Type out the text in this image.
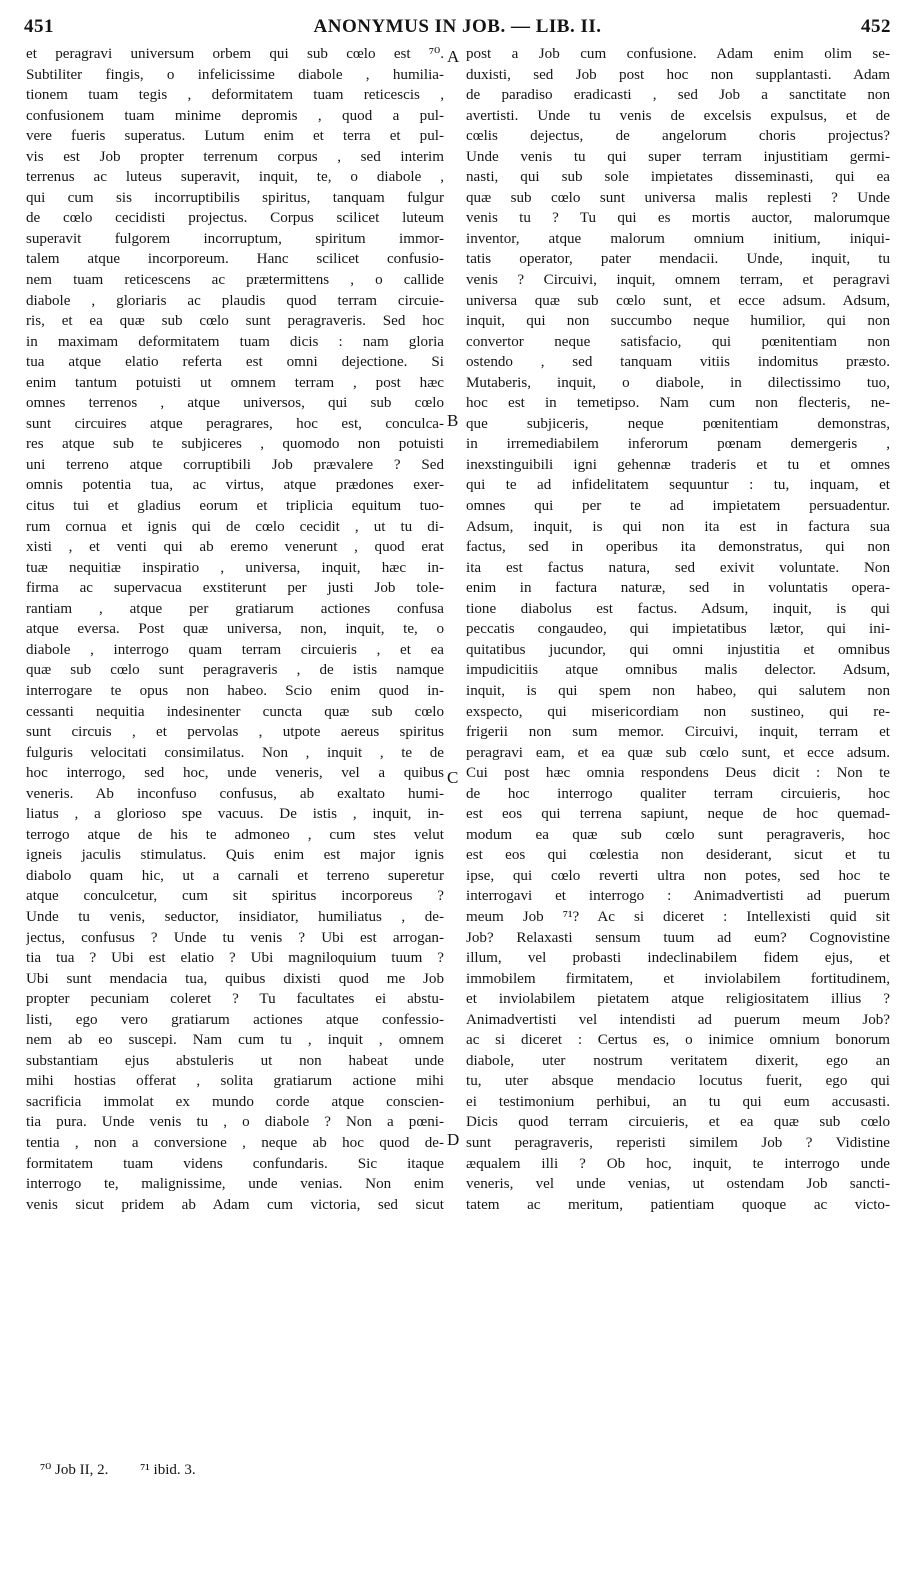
451	ANONYMUS IN JOB. — LIB. II.	452
et peragravi universum orbem qui sub cœlo est ⁷⁰.
Subtiliter fingis, o infelicissime diabole , humilia-
tionem tuam tegis , deformitatem tuam reticescis ,
confusionem tuam minime depromis , quod a pul-
vere fueris superatus. Lutum enim et terra et pul-
vis est Job propter terrenum corpus , sed interim
terrenus ac luteus superavit, inquit, te, o diabole ,
qui cum sis incorruptibilis spiritus, tanquam fulgur
de cœlo cecidisti projectus. Corpus scilicet luteum
superavit fulgorem incorruptum, spiritum immor-
talem atque incorporeum. Hanc scilicet confusio-
nem tuam reticescens ac prætermittens , o callide
diabole , gloriaris ac plaudis quod terram circuie-
ris, et ea quæ sub cœlo sunt peragraveris. Sed hoc
in maximam deformitatem tuam dicis : nam gloria
tua atque elatio referta est omni dejectione. Si
enim tantum potuisti ut omnem terram , post hæc
omnes terrenos , atque universos, qui sub cœlo
sunt circuires atque peragrares, hoc est, conculca-
res atque sub te subjiceres , quomodo non potuisti
uni terreno atque corruptibili Job prævalere ? Sed
omnis potentia tua, ac virtus, atque prædones exer-
citus tui et gladius eorum et triplicia equitum tuo-
rum cornua et ignis qui de cœlo cecidit , ut tu di-
xisti , et venti qui ab eremo venerunt , quod erat
tuæ nequitiæ inspiratio , universa, inquit, hæc in-
firma ac supervacua exstiterunt per justi Job tole-
rantiam , atque per gratiarum actiones confusa
atque eversa. Post quæ universa, non, inquit, te, o
diabole , interrogo quam terram circuieris , et ea
quæ sub cœlo sunt peragraveris , de istis namque
interrogare te opus non habeo. Scio enim quod in-
cessanti nequitia indesinenter cuncta quæ sub cœlo
sunt circuis , et pervolas , utpote aereus spiritus
fulguris velocitati consimilatus. Non , inquit , te de
hoc interrogo, sed hoc, unde veneris, vel a quibus
veneris. Ab inconfuso confusus, ab exaltato humi-
liatus , a glorioso spe vacuus. De istis , inquit, in-
terrogo atque de his te admoneo , cum stes velut
igneis jaculis stimulatus. Quis enim est major ignis
diabolo quam hic, ut a carnali et terreno superetur
atque conculcetur, cum sit spiritus incorporeus ?
Unde tu venis, seductor, insidiator, humiliatus , de-
jectus, confusus ? Unde tu venis ? Ubi est arrogan-
tia tua ? Ubi est elatio ? Ubi magniloquium tuum ?
Ubi sunt mendacia tua, quibus dixisti quod me Job
propter pecuniam coleret ? Tu facultates ei abstu-
listi, ego vero gratiarum actiones atque confessio-
nem ab eo suscepi. Nam cum tu , inquit , omnem
substantiam ejus abstuleris ut non habeat unde
mihi hostias offerat , solita gratiarum actione mihi
sacrificia immolat ex mundo corde atque conscien-
tia pura. Unde venis tu , o diabole ? Non a pœni-
tentia , non a conversione , neque ab hoc quod de-
formitatem tuam videns confundaris. Sic itaque
interrogo te, malignissime, unde venias. Non enim
venis sicut pridem ab Adam cum victoria, sed sicut
post a Job cum confusione. Adam enim olim se-
duxisti, sed Job post hoc non supplantasti. Adam
de paradiso eradicasti , sed Job a sanctitate non
avertisti. Unde tu venis de excelsis expulsus, et de
cœlis dejectus, de angelorum choris projectus?
Unde venis tu qui super terram injustitiam germi-
nasti, qui sub sole impietates disseminasti, qui ea
quæ sub cœlo sunt universa malis replesti ? Unde
venis tu ? Tu qui es mortis auctor, malorumque
inventor, atque malorum omnium initium, iniqui-
tatis operator, pater mendacii. Unde, inquit, tu
venis ? Circuivi, inquit, omnem terram, et peragravi
universa quæ sub cœlo sunt, et ecce adsum. Adsum,
inquit, qui non succumbo neque humilior, qui non
convertor neque satisfacio, qui pœnitentiam non
ostendo , sed tanquam vitiis indomitus præsto.
Mutaberis, inquit, o diabole, in dilectissimo tuo,
hoc est in temetipso. Nam cum non flecteris, ne-
que subjiceris, neque pœnitentiam demonstras,
in irremediabilem inferorum pœnam demergeris ,
inexstinguibili igni gehennæ traderis et tu et omnes
qui te ad infidelitatem sequuntur : tu, inquam, et
omnes qui per te ad impietatem persuadentur.
Adsum, inquit, is qui non ita est in factura sua
factus, sed in operibus ita demonstratus, qui non
ita est factus natura, sed exivit voluntate. Non
enim in factura naturæ, sed in voluntatis opera-
tione diabolus est factus. Adsum, inquit, is qui
peccatis congaudeo, qui impietatibus lætor, qui ini-
quitatibus jucundor, qui omni injustitia et omnibus
impudicitiis atque omnibus malis delector. Adsum,
inquit, is qui spem non habeo, qui salutem non
exspecto, qui misericordiam non sustineo, qui re-
frigerii non sum memor. Circuivi, inquit, terram et
peragravi eam, et ea quæ sub cœlo sunt, et ecce adsum.
Cui post hæc omnia respondens Deus dicit : Non te
de hoc interrogo qualiter terram circuieris, hoc
est eos qui terrena sapiunt, neque de hoc quemad-
modum ea quæ sub cœlo sunt peragraveris, hoc
est eos qui cœlestia non desiderant, sicut et tu
ipse, qui cœlo reverti ultra non potes, sed hoc te
interrogavi et interrogo : Animadvertisti ad puerum
meum Job ⁷¹? Ac si diceret : Intellexisti quid sit
Job? Relaxasti sensum tuum ad eum? Cognovistine
illum, vel probasti indeclinabilem fidem ejus, et
immobilem firmitatem, et inviolabilem fortitudinem,
et inviolabilem pietatem atque religiositatem illius ?
Animadvertisti vel intendisti ad puerum meum Job?
ac si diceret : Certus es, o inimice omnium bonorum
diabole, uter nostrum veritatem dixerit, ego an
tu, uter absque mendacio locutus fuerit, ego qui
ei testimonium perhibui, an tu qui eum accusasti.
Dicis quod terram circuieris, et ea quæ sub cœlo
sunt peragraveris, reperisti similem Job ? Vidistine
æqualem illi ? Ob hoc, inquit, te interrogo unde
veneris, vel unde venias, ut ostendam Job sancti-
tatem ac meritum, patientiam quoque ac victo-
A
B
C
D
⁷⁰ Job II, 2. ⁷¹ ibid. 3.
